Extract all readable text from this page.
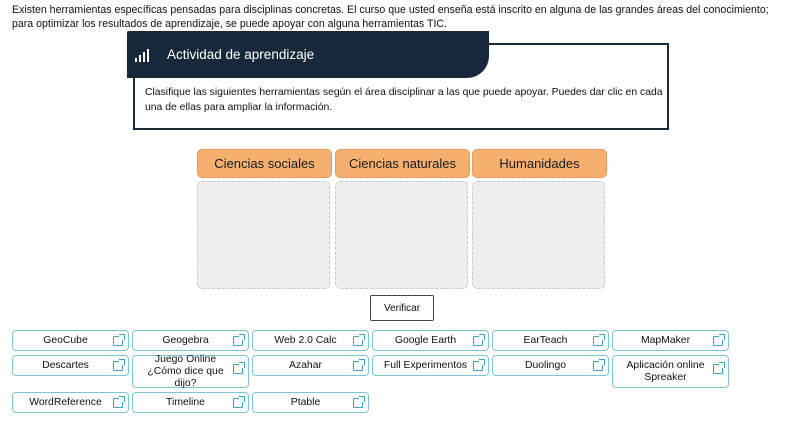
Existen herramientas específicas pensadas para disciplinas concretas. El curso que usted enseña está inscrito en alguna de las grandes áreas del conocimiento; para optimizar los resultados de aprendizaje, se puede apoyar con alguna herramientas TIC.

Actividad de aprendizaje

Clasifique las siguientes herramientas según el área disciplinar a las que puede apoyar. Puedes dar clic en cada una de ellas para ampliar la información.

Ciencias sociales	Ciencias naturales	Humanidades
Verificar
GeoCube	Geogebra	Web 2.0 Calc	Google Earth	EarTeach	MapMaker
Descartes
Juego Online ¿Cómo dice que dijo?
Azahar	Full Experimentos	Duolingo	Aplicación online Spreaker
WordReference	Timeline	Ptable
